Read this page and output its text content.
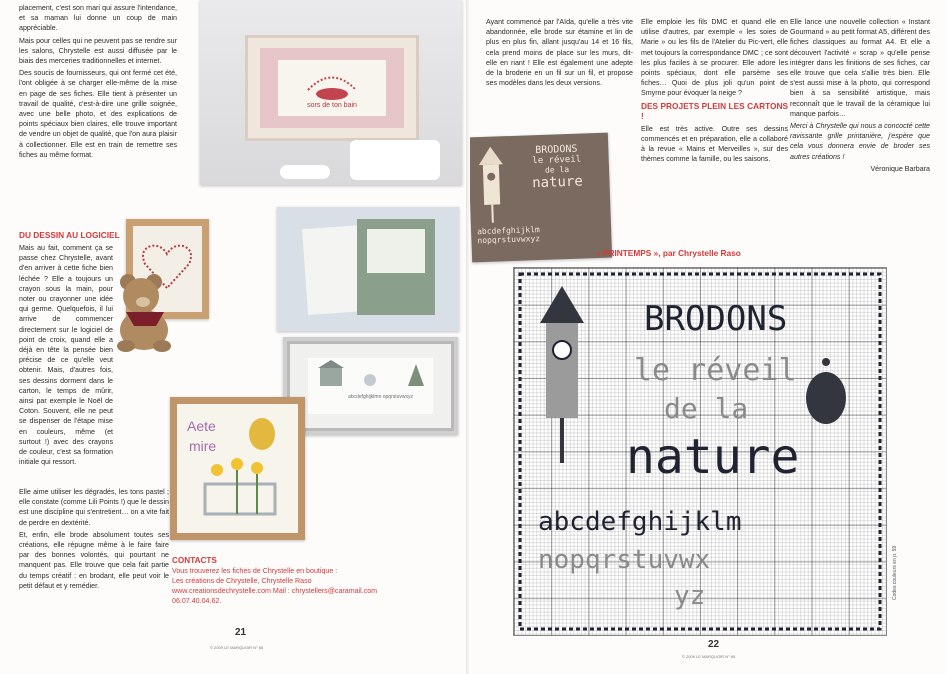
placement, c'est son mari qui assure l'intendance, et sa maman lui donne un coup de main appréciable.

Mais pour celles qui ne peuvent pas se rendre sur les salons, Chrystelle est aussi diffusée par le biais des merceries traditionnelles et internet.

Des soucis de fournisseurs, qui ont fermé cet été, l'ont obligée à se charger elle-même de la mise en page de ses fiches. Elle tient à présenter un travail de qualité, c'est-à-dire une grille soignée, avec une belle photo, et des explications de points spéciaux bien claires, elle trouve important de vendre un objet de qualité, que l'on aura plaisir à collectionner. Elle est en train de remettre ses fiches au même format.

DU DESSIN AU LOGICIEL

Mais au fait, comment ça se passe chez Chrystelle, avant d'en arriver à cette fiche bien léchée ? Elle a toujours un crayon sous la main, pour noter ou crayonner une idée qui germe. Quelquefois, il lui arrive de commencer directement sur le logiciel de point de croix, quand elle a déjà en tête la pensée bien précise de ce qu'elle veut obtenir. Mais, d'autres fois, ses dessins dorment dans le carton, le temps de mûrir, ainsi par exemple le Noël de Coton. Souvent, elle ne peut se dispenser de l'étape mise en couleurs, même (et surtout !) avec des crayons de couleur, c'est sa formation initiale qui ressort.

Elle aime utiliser les dégradés, les tons pastel ; elle constate (comme Lili Points !) que le dessin est une discipline qui s'entretient… on a vite fait de perdre en dextérité.

Et, enfin, elle brode absolument toutes ses créations, elle répugne même à le faire faire par des bonnes volontés, qui pourtant ne manquent pas. Elle trouve que cela fait partie du temps créatif : en brodant, elle peut voir le petit défaut et y remédier.

sors de ton bain
abcdefghijklmn opqrstuvwxyz
Aete
mire
CONTACTS
Vous trouverez les fiches de Chrystelle en boutique :
Les créations de Chrystelle, Chrystelle Raso
www.creationsdechrystelle.com Mail : chrystellers@caramail.com
06.07.40.04.62.
21
© 2009 LE MARQUOIR N° 65

Ayant commencé par l'Aïda, qu'elle a très vite abandonnée, elle brode sur étamine et lin de plus en plus fin, allant jusqu'au 14 et 16 fils, cela prend moins de place sur les murs, dit-elle en riant ! Elle est également une adepte de la broderie en un fil sur un fil, et propose ses modèles dans les deux versions.

Elle emploie les fils DMC et quand elle en utilise d'autres, par exemple « les soies de Marie » ou les fils de l'Atelier du Pic-vert, elle met toujours la correspondance DMC ; ce sont les plus faciles à se procurer. Elle adore les points spéciaux, dont elle parsème ses fiches… Quoi de plus joli qu'un point de Smyrne pour évoquer la neige ?

DES PROJETS PLEIN LES CARTONS !

Elle est très active. Outre ses dessins commencés et en préparation, elle a collaboré à la revue « Mains et Merveilles », sur des thèmes comme la famille, ou les saisons.

Elle lance une nouvelle collection « Instant Gourmand » au petit format A5, différent des fiches classiques au format A4. Et elle a découvert l'activité « scrap » qu'elle pense intégrer dans les finitions de ses fiches, car elle trouve que cela s'allie très bien. Elle s'est aussi mise à la photo, qui correspond bien à sa sensibilité artistique, mais reconnaît que le travail de la céramique lui manque parfois…

Merci à Chrystelle qui nous a concocté cette ravissante grille printanière, j'espère que cela vous donnera envie de broder ses autres créations !

Véronique Barbara

BRODONS
le réveil
de la
nature
abcdefghijklm
nopqrstuvwxyz
« PRINTEMPS », par Chrystelle Raso
BRODONS
le réveil
de la
nature
abcdefghijklm
nopqrstuvwx
yz	Codes couleurs en p. 59
22
© 2009 LE MARQUOIR N° 65
